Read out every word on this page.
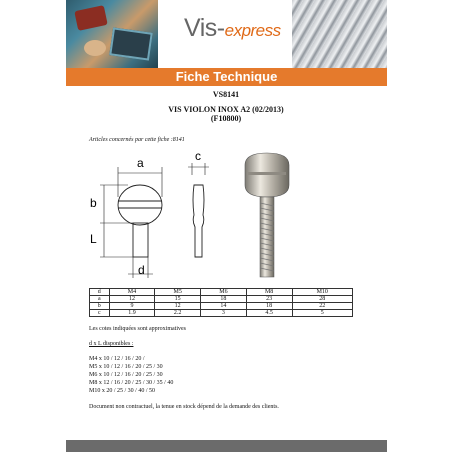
Vis-express
Fiche Technique
VS8141
VIS VIOLON INOX A2 (02/2013)
(F10800)
Articles concernés par cette fiche :8141
a
b
L
d
c
d	M4	M5	M6	M8	M10
a	12	15	18	23	28
b	9	12	14	18	22
c	1.9	2.2	3	4.5	5
Les cotes indiquées sont approximatives
d x L disponibles :
M4 x 10 / 12 / 16 / 20 /
M5 x 10 / 12 / 16 / 20 / 25 / 30
M6 x 10 / 12 / 16 / 20 / 25 / 30
M8 x 12 / 16 / 20 / 25 / 30 / 35 / 40
M10 x 20 / 25 / 30 / 40 / 50
Document non contractuel, la tenue en stock dépend de la demande des clients.
